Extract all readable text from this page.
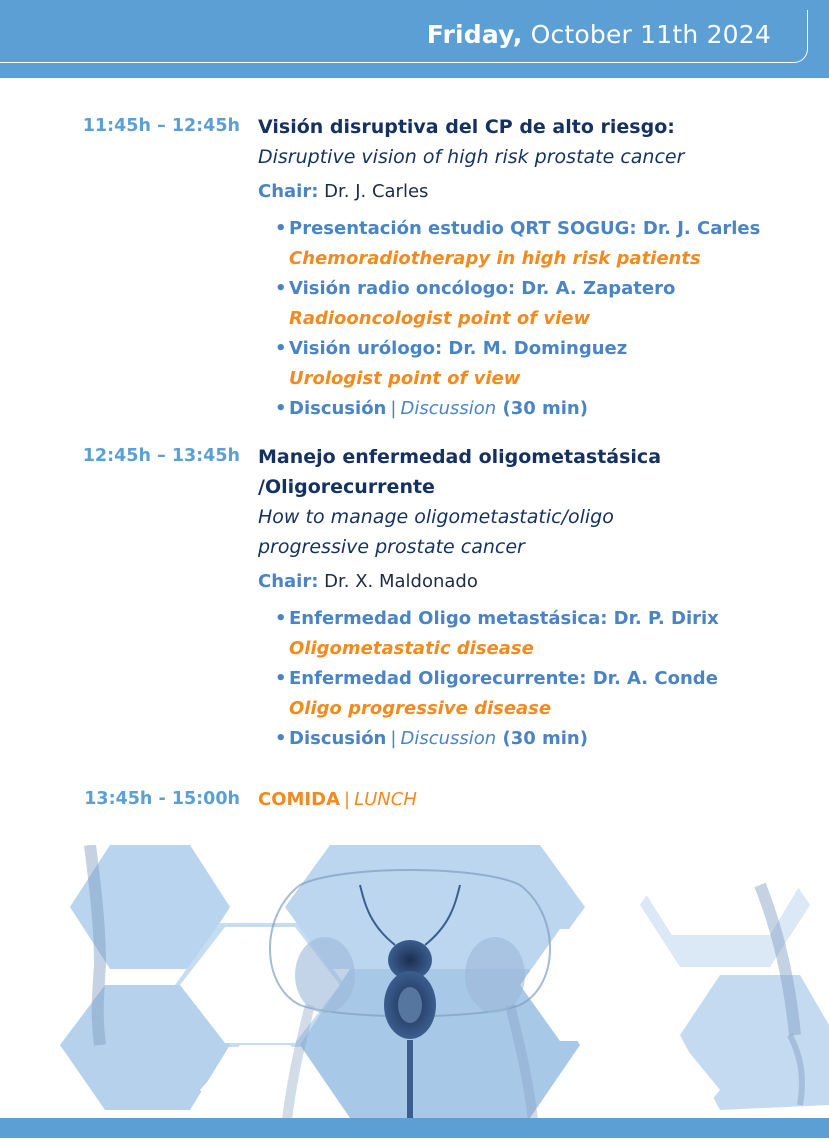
Friday, October 11th 2024
11:45h – 12:45h Visión disruptiva del CP de alto riesgo:
Disruptive vision of high risk prostate cancer
Chair: Dr. J. Carles
• Presentación estudio QRT SOGUG: Dr. J. Carles
Chemoradiotherapy in high risk patients
• Visión radio oncólogo: Dr. A. Zapatero
Radiooncologist point of view
• Visión urólogo: Dr. M. Dominguez
Urologist point of view
• Discusión | Discussion (30 min)
12:45h – 13:45h Manejo enfermedad oligometastásica
/Oligorecurrente
How to manage oligometastatic/oligo
progressive prostate cancer
Chair: Dr. X. Maldonado
• Enfermedad Oligo metastásica: Dr. P. Dirix
Oligometastatic disease
• Enfermedad Oligorecurrente: Dr. A. Conde
Oligo progressive disease
• Discusión | Discussion (30 min)
13:45h - 15:00h COMIDA | LUNCH
